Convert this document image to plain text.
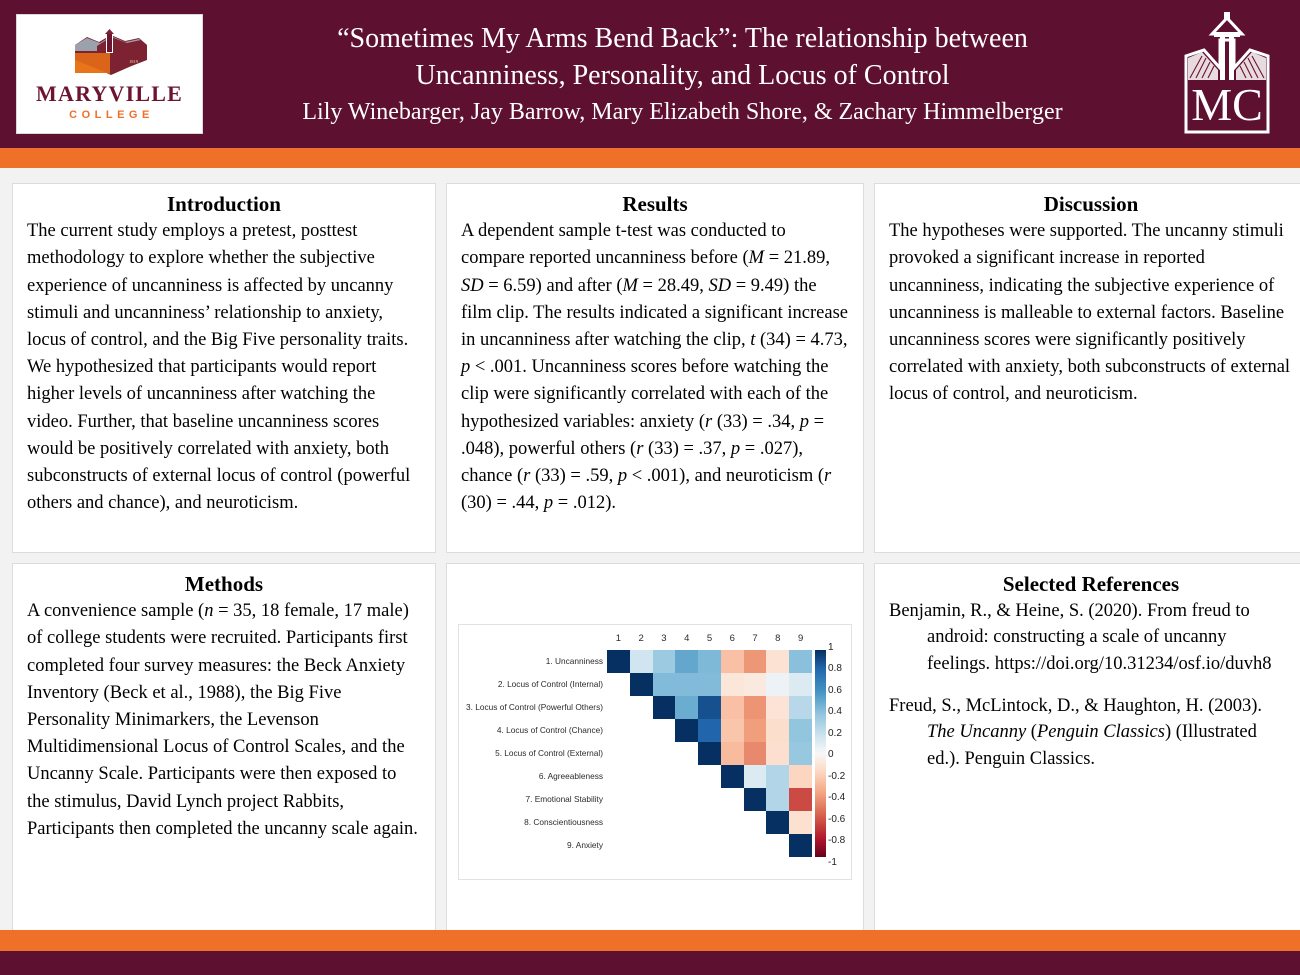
1819
MARYVILLE
COLLEGE
“Sometimes My Arms Bend Back”: The relationship between
Uncanniness, Personality, and Locus of Control
Lily Winebarger, Jay Barrow, Mary Elizabeth Shore, & Zachary Himmelberger	MC
Introduction
The current study employs a pretest, posttest methodology to explore whether the subjective experience of uncanniness is affected by uncanny stimuli and uncanniness’ relationship to anxiety, locus of control, and the Big Five personality traits. We hypothesized that participants would report higher levels of uncanniness after watching the video. Further, that baseline uncanniness scores would be positively correlated with anxiety, both subconstructs of external locus of control (powerful others and chance), and neuroticism.
Results
A dependent sample t-test was conducted to compare reported uncanniness before (M = 21.89, SD = 6.59) and after (M = 28.49, SD = 9.49) the film clip. The results indicated a significant increase in uncanniness after watching the clip, t (34) = 4.73, p < .001. Uncanniness scores before watching the clip were significantly correlated with each of the hypothesized variables: anxiety (r (33) = .34, p = .048), powerful others (r (33) = .37, p = .027), chance (r (33) = .59, p < .001), and neuroticism (r (30) = .44, p = .012).
Discussion
The hypotheses were supported. The uncanny stimuli provoked a significant increase in reported uncanniness, indicating the subjective experience of uncanniness is malleable to external factors. Baseline uncanniness scores were significantly positively correlated with anxiety, both subconstructs of external locus of control, and neuroticism.
Methods
A convenience sample (n = 35, 18 female, 17 male) of college students were recruited. Participants first completed four survey measures: the Beck Anxiety Inventory (Beck et al., 1988), the Big Five Personality Minimarkers, the Levenson Multidimensional Locus of Control Scales, and the Uncanny Scale. Participants were then exposed to the stimulus, David Lynch project Rabbits, Participants then completed the uncanny scale again.
1	2	3	4	5	6	7	8	9
1. Uncanniness
2. Locus of Control (Internal)
3. Locus of Control (Powerful Others)
4. Locus of Control (Chance)
5. Locus of Control (External)
6. Agreeableness
7. Emotional Stability
8. Conscientiousness
9. Anxiety
1
0.8
0.6
0.4
0.2
0
-0.2
-0.4
-0.6
-0.8
-1
Selected References
Benjamin, R., & Heine, S. (2020). From freud to android: constructing a scale of uncanny feelings. https://doi.org/10.31234/osf.io/duvh8
Freud, S., McLintock, D., & Haughton, H. (2003). The Uncanny (Penguin Classics) (Illustrated ed.). Penguin Classics.
